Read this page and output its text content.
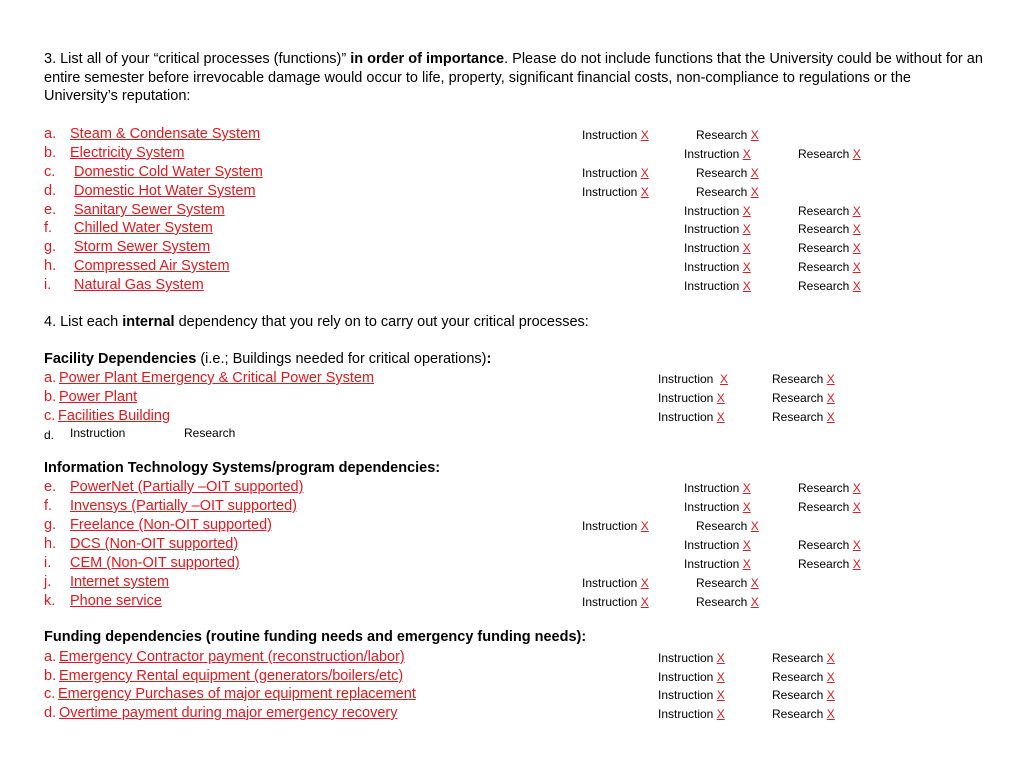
3. List all of your “critical processes (functions)” in order of importance. Please do not include functions that the University could be without for an entire semester before irrevocable damage would occur to life, property, significant financial costs, non-compliance to regulations or the University’s reputation:
a. Steam & Condensate System	Instruction X	Research X
b. Electricity System	Instruction X	Research X
c. Domestic Cold Water System	Instruction X	Research X
d. Domestic Hot Water System	Instruction X	Research X
e. Sanitary Sewer System	Instruction X	Research X
f. Chilled Water System	Instruction X	Research X
g. Storm Sewer System	Instruction X	Research X
h. Compressed Air System	Instruction X	Research X
i. Natural Gas System	Instruction X	Research X
4. List each internal dependency that you rely on to carry out your critical processes:
Facility Dependencies (i.e.; Buildings needed for critical operations):
a. Power Plant Emergency & Critical Power System	Instruction  X	Research X
b. Power Plant	Instruction X	Research X
c. Facilities Building	Instruction X	Research X
d. Instruction	Research
Information Technology Systems/program dependencies:
e. PowerNet (Partially –OIT supported)	Instruction X	Research X
f. Invensys (Partially –OIT supported)	Instruction X	Research X
g. Freelance (Non-OIT supported)	Instruction X	Research X
h. DCS (Non-OIT supported)	Instruction X	Research X
i. CEM (Non-OIT supported)	Instruction X	Research X
j. Internet system	Instruction X	Research X
k. Phone service	Instruction X	Research X
Funding dependencies (routine funding needs and emergency funding needs):
a. Emergency Contractor payment (reconstruction/labor)	Instruction X	Research X
b. Emergency Rental equipment (generators/boilers/etc)	Instruction X	Research X
c. Emergency Purchases of major equipment replacement	Instruction X	Research X
d. Overtime payment during major emergency recovery	Instruction X	Research X
